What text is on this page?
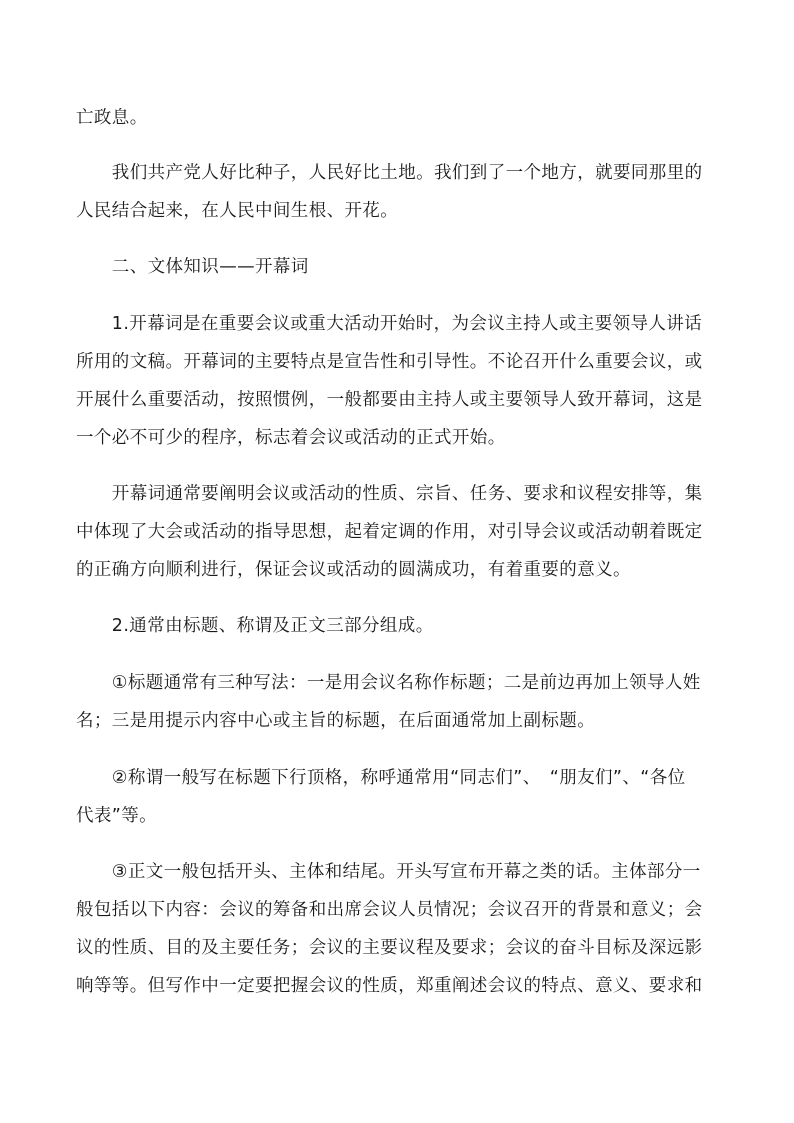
亡政息。
　　我们共产党人好比种子，人民好比土地。我们到了一个地方，就要同那里的
人民结合起来，在人民中间生根、开花。
　　二、文体知识——开幕词
　　1.开幕词是在重要会议或重大活动开始时，为会议主持人或主要领导人讲话
所用的文稿。开幕词的主要特点是宣告性和引导性。不论召开什么重要会议，或
开展什么重要活动，按照惯例，一般都要由主持人或主要领导人致开幕词，这是
一个必不可少的程序，标志着会议或活动的正式开始。
　　开幕词通常要阐明会议或活动的性质、宗旨、任务、要求和议程安排等，集
中体现了大会或活动的指导思想，起着定调的作用，对引导会议或活动朝着既定
的正确方向顺利进行，保证会议或活动的圆满成功，有着重要的意义。
　　2.通常由标题、称谓及正文三部分组成。
　　①标题通常有三种写法：一是用会议名称作标题；二是前边再加上领导人姓
名；三是用提示内容中心或主旨的标题，在后面通常加上副标题。
　　②称谓一般写在标题下行顶格，称呼通常用“同志们”、　“朋友们”、“各位
代表”等。
　　③正文一般包括开头、主体和结尾。开头写宣布开幕之类的话。主体部分一
般包括以下内容：会议的筹备和出席会议人员情况；会议召开的背景和意义；会
议的性质、目的及主要任务；会议的主要议程及要求；会议的奋斗目标及深远影
响等等。但写作中一定要把握会议的性质，郑重阐述会议的特点、意义、要求和
